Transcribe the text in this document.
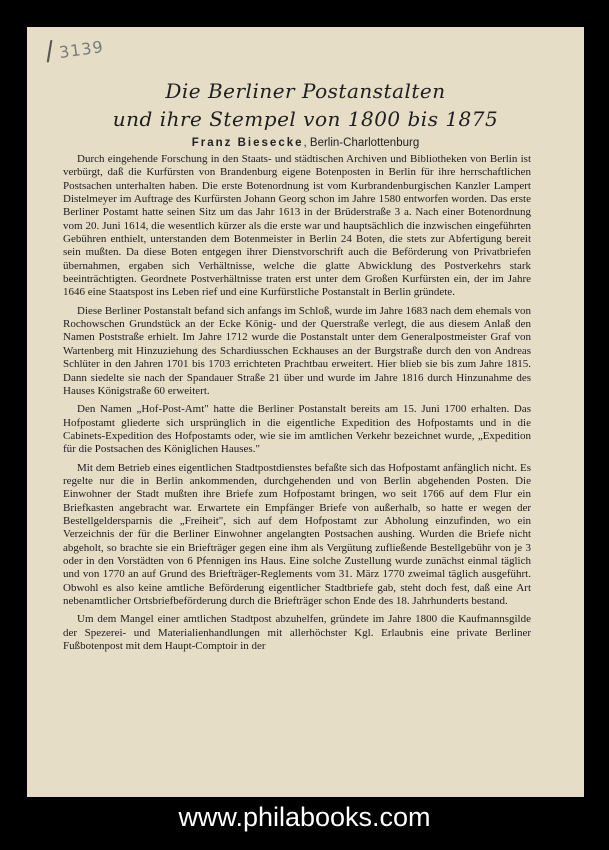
/3139
Die Berliner Postanstalten
und ihre Stempel von 1800 bis 1875
Franz Biesecke, Berlin-Charlottenburg

Durch eingehende Forschung in den Staats- und städtischen Archiven und Bibliotheken von Berlin ist verbürgt, daß die Kurfürsten von Brandenburg eigene Botenposten in Berlin für ihre herrschaftlichen Postsachen unterhalten haben. Die erste Botenordnung ist vom Kurbrandenburgischen Kanzler Lampert Distelmeyer im Auftrage des Kurfürsten Johann Georg schon im Jahre 1580 entworfen worden. Das erste Berliner Postamt hatte seinen Sitz um das Jahr 1613 in der Brüderstraße 3 a. Nach einer Botenordnung vom 20. Juni 1614, die wesentlich kürzer als die erste war und hauptsächlich die inzwischen eingeführten Gebühren enthielt, unterstanden dem Botenmeister in Berlin 24 Boten, die stets zur Abfertigung bereit sein mußten. Da diese Boten entgegen ihrer Dienstvorschrift auch die Beförderung von Privatbriefen übernahmen, ergaben sich Verhältnisse, welche die glatte Abwicklung des Postverkehrs stark beeinträchtigten. Geordnete Postverhältnisse traten erst unter dem Großen Kurfürsten ein, der im Jahre 1646 eine Staatspost ins Leben rief und eine Kurfürstliche Postanstalt in Berlin gründete.

Diese Berliner Postanstalt befand sich anfangs im Schloß, wurde im Jahre 1683 nach dem ehemals von Rochowschen Grundstück an der Ecke König- und der Querstraße verlegt, die aus diesem Anlaß den Namen Poststraße erhielt. Im Jahre 1712 wurde die Postanstalt unter dem Generalpostmeister Graf von Wartenberg mit Hinzuziehung des Schardiusschen Eckhauses an der Burgstraße durch den von Andreas Schlüter in den Jahren 1701 bis 1703 errichteten Prachtbau erweitert. Hier blieb sie bis zum Jahre 1815. Dann siedelte sie nach der Spandauer Straße 21 über und wurde im Jahre 1816 durch Hinzunahme des Hauses Königstraße 60 erweitert.

Den Namen „Hof-Post-Amt" hatte die Berliner Postanstalt bereits am 15. Juni 1700 erhalten. Das Hofpostamt gliederte sich ursprünglich in die eigentliche Expedition des Hofpostamts und in die Cabinets-Expedition des Hofpostamts oder, wie sie im amtlichen Verkehr bezeichnet wurde, „Expedition für die Postsachen des Königlichen Hauses."

Mit dem Betrieb eines eigentlichen Stadtpostdienstes befaßte sich das Hofpostamt anfänglich nicht. Es regelte nur die in Berlin ankommenden, durchgehenden und von Berlin abgehenden Posten. Die Einwohner der Stadt mußten ihre Briefe zum Hofpostamt bringen, wo seit 1766 auf dem Flur ein Briefkasten angebracht war. Erwartete ein Empfänger Briefe von außerhalb, so hatte er wegen der Bestellgeldersparnis die „Freiheit", sich auf dem Hofpostamt zur Abholung einzufinden, wo ein Verzeichnis der für die Berliner Einwohner angelangten Postsachen aushing. Wurden die Briefe nicht abgeholt, so brachte sie ein Briefträger gegen eine ihm als Vergütung zufließende Bestellgebühr von je 3 oder in den Vorstädten von 6 Pfennigen ins Haus. Eine solche Zustellung wurde zunächst einmal täglich und von 1770 an auf Grund des Briefträger-Reglements vom 31. März 1770 zweimal täglich ausgeführt. Obwohl es also keine amtliche Beförderung eigentlicher Stadtbriefe gab, steht doch fest, daß eine Art nebenamtlicher Ortsbriefbeförderung durch die Briefträger schon Ende des 18. Jahrhunderts bestand.

Um dem Mangel einer amtlichen Stadtpost abzuhelfen, gründete im Jahre 1800 die Kaufmannsgilde der Spezerei- und Materialienhandlungen mit allerhöchster Kgl. Erlaubnis eine private Berliner Fußbotenpost mit dem Haupt-Comptoir in der

www.philabooks.com
